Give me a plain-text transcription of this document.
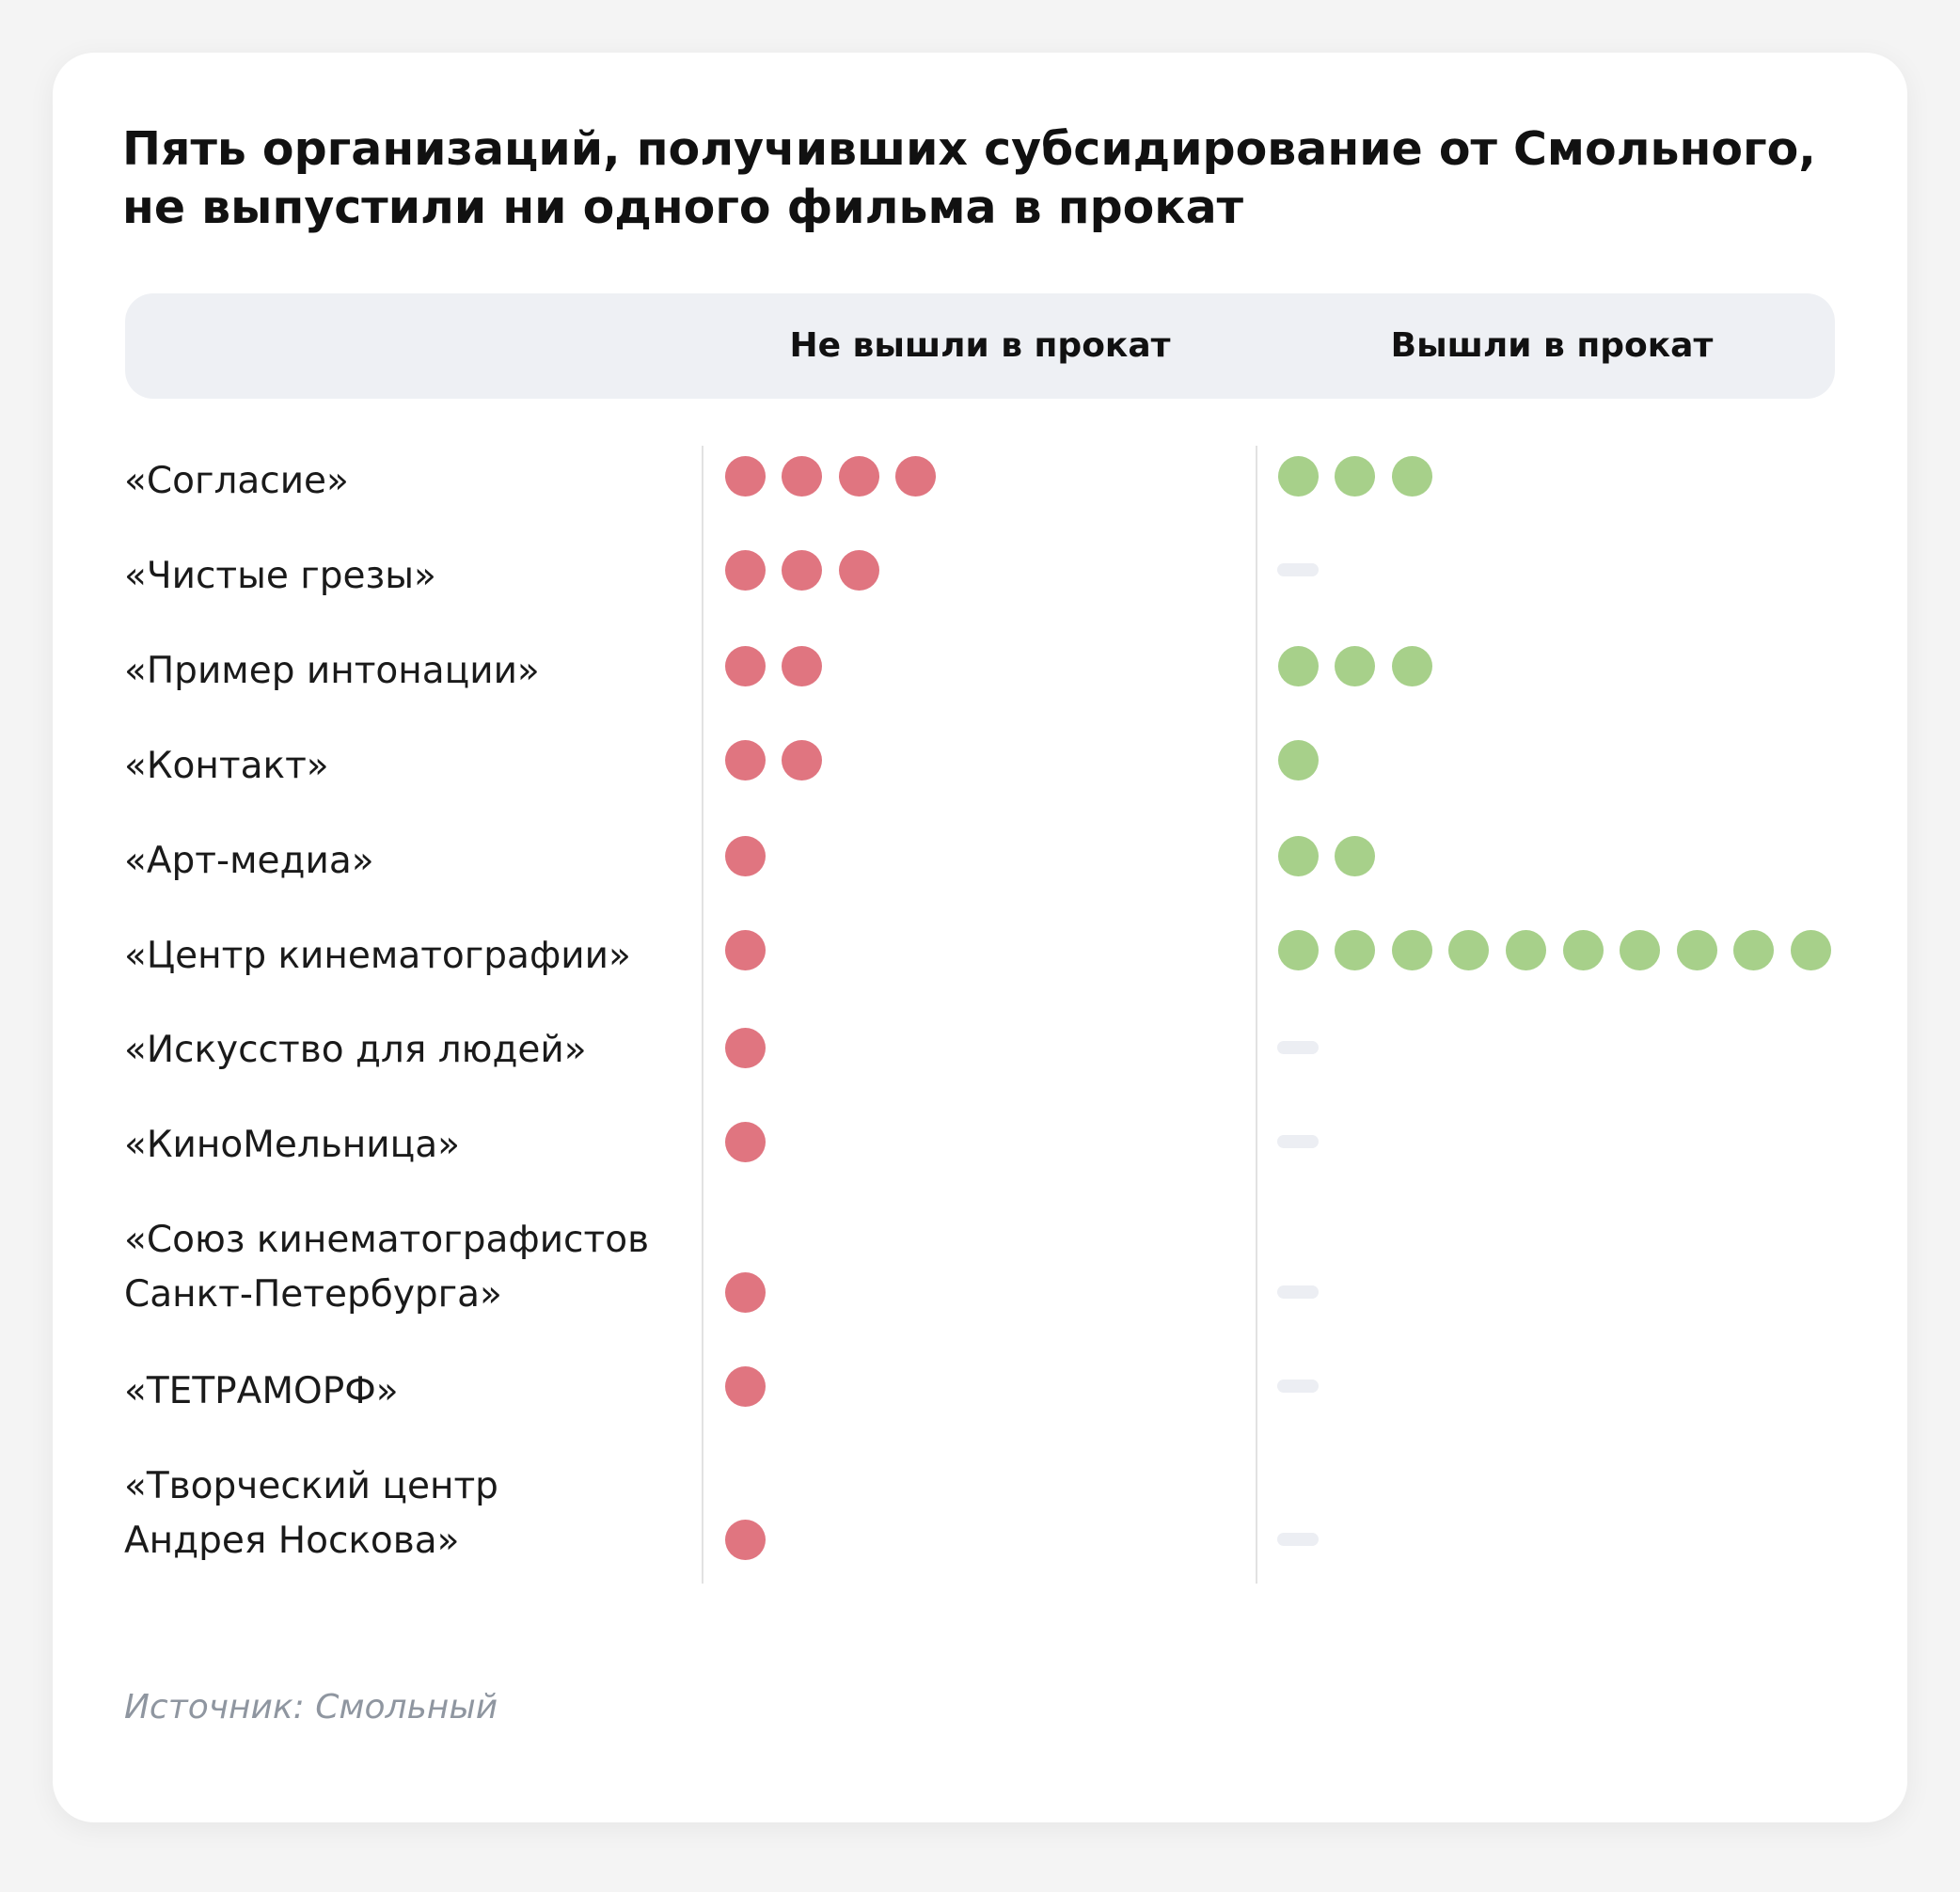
Пять организаций, получивших субсидирование от Смольного, не выпустили ни одного фильма в прокат
Не вышли в прокат	Вышли в прокат
«Согласие»
«Чистые грезы»
«Пример интонации»
«Контакт»
«Арт-медиа»
«Центр кинематографии»
«Искусство для людей»
«КиноМельница»
«Союз кинематографистов Санкт-Петербурга»
«ТЕТРАМОРФ»
«Творческий центр Андрея Носкова»
Источник: Смольный
